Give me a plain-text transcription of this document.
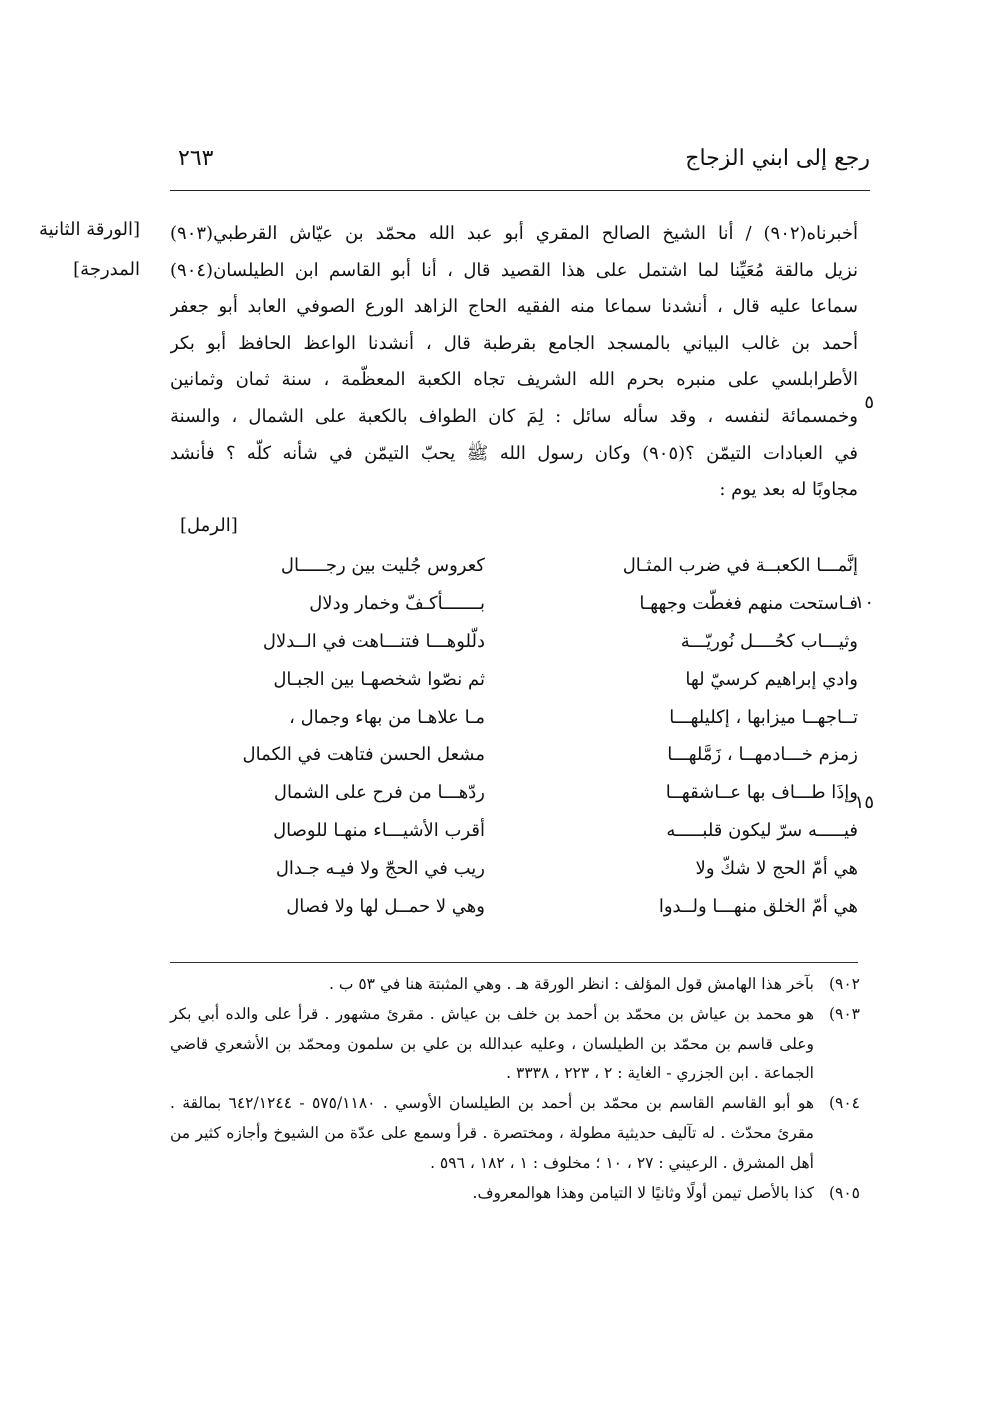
٢٦٣	رجع إلى ابني الزجاج
[الورقة الثانية
المدرجة]
أخبرناه(٩٠٢) / أنا الشيخ الصالح المقري أبو عبد الله محمّد بن عيّاش القرطبي(٩٠٣)
نزيل مالقة مُعَيِّنا لما اشتمل على هذا القصيد قال ، أنا أبو القاسم ابن الطيلسان(٩٠٤)
سماعا عليه قال ، أنشدنا سماعا منه الفقيه الحاج الزاهد الورع الصوفي العابد أبو جعفر
أحمد بن غالب البياني بالمسجد الجامع بقرطبة قال ، أنشدنا الواعظ الحافظ أبو بكر
الأطرابلسي على منبره بحرم الله الشريف تجاه الكعبة المعظّمة ، سنة ثمان وثمانين
وخمسمائة لنفسه ، وقد سأله سائل : لِمَ كان الطواف بالكعبة على الشمال ، والسنة
في العبادات التيمّن ؟(٩٠٥) وكان رسول الله ﷺ يحبّ التيمّن في شأنه كلّه ؟ فأنشد
مجاوبًا له بعد يوم :
٥
١٠
١٥
[الرمل]
إنَّمـــا الكعبــة في ضرب المثـال
كعروس جُليت بين رجـــــال
فـاستحت منهم فغطّت وجههـا
بـــــــأكـفّ وخمار ودلال
وثيـــاب كحُــــل نُوريّـــة
دلّلوهـــا فتنـــاهت في الــدلال
وادي إبراهيم كرسيّ لها
ثم نصّوا شخصهـا بين الجبـال
تــاجهــا ميزابها ، إكليلهـــا
مـا علاهـا من بهاء وجمال ،
زمزم خـــادمهــا ، زَمَّلهـــا
مشعل الحسن فتاهت في الكمال
وإذَا طـــاف بها عــاشقهــا
ردّهـــا من فرح على الشمال
فيـــــه سرّ ليكون قلبـــــه
أقرب الأشيـــاء منهـا للوصال
هي أمّ الحج لا شكّ ولا
ريب في الحجّ ولا فيـه جـدال
هي أمّ الخلق منهـــا ولــدوا
وهي لا حمــل لها ولا فصال
٩٠٢)
بآخر هذا الهامش قول المؤلف : انظر الورقة هـ . وهي المثبتة هنا في ٥٣ ب .
٩٠٣)
هو محمد بن عياش بن محمّد بن أحمد بن خلف بن عياش . مقرئ مشهور . قرأ على والده أبي بكر وعلى قاسم بن محمّد بن الطيلسان ، وعليه عبدالله بن علي بن سلمون ومحمّد بن الأشعري قاضي الجماعة . ابن الجزري - الغاية : ٢ ، ٢٢٣ ، ٣٣٣٨ .
٩٠٤)
هو أبو القاسم القاسم بن محمّد بن أحمد بن الطيلسان الأوسي . ٥٧٥/١١٨٠ - ٦٤٢/١٢٤٤ بمالقة . مقرئ محدّث . له تآليف حديثية مطولة ، ومختصرة . قرأ وسمع على عدّة من الشيوخ وأجازه كثير من أهل المشرق . الرعيني : ٢٧ ، ١٠ ؛ مخلوف : ١ ، ١٨٢ ، ٥٩٦ .
٩٠٥)
كذا بالأصل تيمن أولًا وثانيًا لا التيامن وهذا هوالمعروف.
